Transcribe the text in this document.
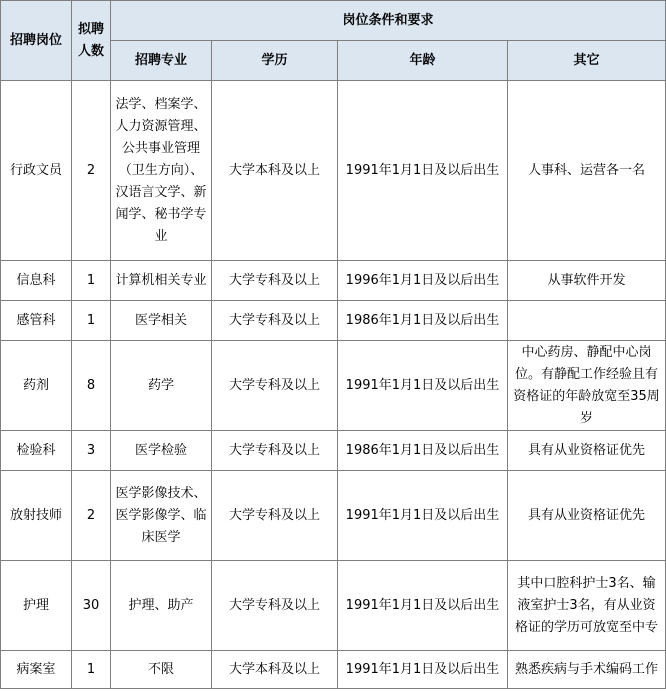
招聘岗位	拟聘人数	岗位条件和要求			
		招聘专业	学历	年龄	其它
行政文员	2	法学、档案学、人力资源管理、公共事业管理（卫生方向）、汉语言文学、新闻学、秘书学专业	大学本科及以上	1991年1月1日及以后出生	人事科、运营各一名
信息科	1	计算机相关专业	大学专科及以上	1996年1月1日及以后出生	从事软件开发
感管科	1	医学相关	大学专科及以上	1986年1月1日及以后出生	
药剂	8	药学	大学专科及以上	1991年1月1日及以后出生	中心药房、静配中心岗位。有静配工作经验且有资格证的年龄放宽至35周岁
检验科	3	医学检验	大学专科及以上	1986年1月1日及以后出生	具有从业资格证优先
放射技师	2	医学影像技术、医学影像学、临床医学	大学专科及以上	1991年1月1日及以后出生	具有从业资格证优先
护理	30	护理、助产	大学专科及以上	1991年1月1日及以后出生	其中口腔科护士3名、输液室护士3名，有从业资格证的学历可放宽至中专
病案室	1	不限	大学本科及以上	1991年1月1日及以后出生	熟悉疾病与手术编码工作
